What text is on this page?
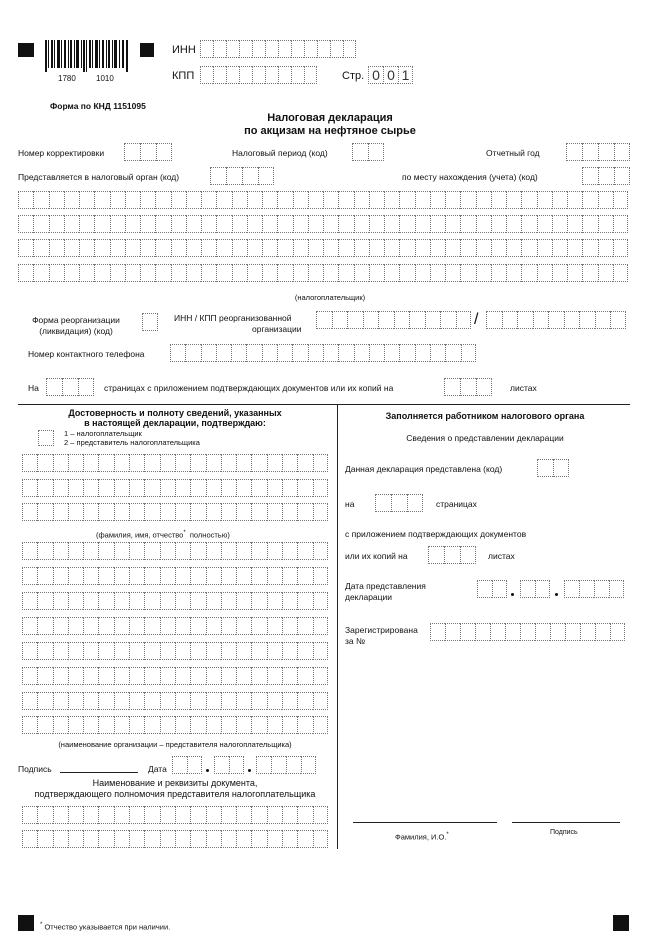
1780	1010
ИНН
КПП	Стр. 0 0 1
Форма по КНД 1151095
Налоговая декларация
по акцизам на нефтяное сырье
Номер корректировки	Налоговый период (код)	Отчетный год
Представляется в налоговый орган (код)	по месту нахождения (учета) (код)
(налогоплательщик)
Форма реорганизации
(ликвидация) (код)
ИНН / КПП реорганизованной
организации
/
Номер контактного телефона
На	страницах с приложением подтверждающих документов или их копий на	листах
Достоверность и полноту сведений, указанных
в настоящей декларации, подтверждаю:
1 – налогоплательщик
2 – представитель налогоплательщика
(фамилия, имя, отчество* полностью)
(наименование организации – представителя налогоплательщика)
Подпись	Дата
Наименование и реквизиты документа,
подтверждающего полномочия представителя налогоплательщика
Заполняется работником налогового органа
Сведения о представлении декларации
Данная декларация представлена (код)
на	страницах
с приложением подтверждающих документов
или их копий на	листах
Дата представления
декларации
Зарегистрирована
за №
Фамилия, И.О.*	Подпись
* Отчество указывается при наличии.
